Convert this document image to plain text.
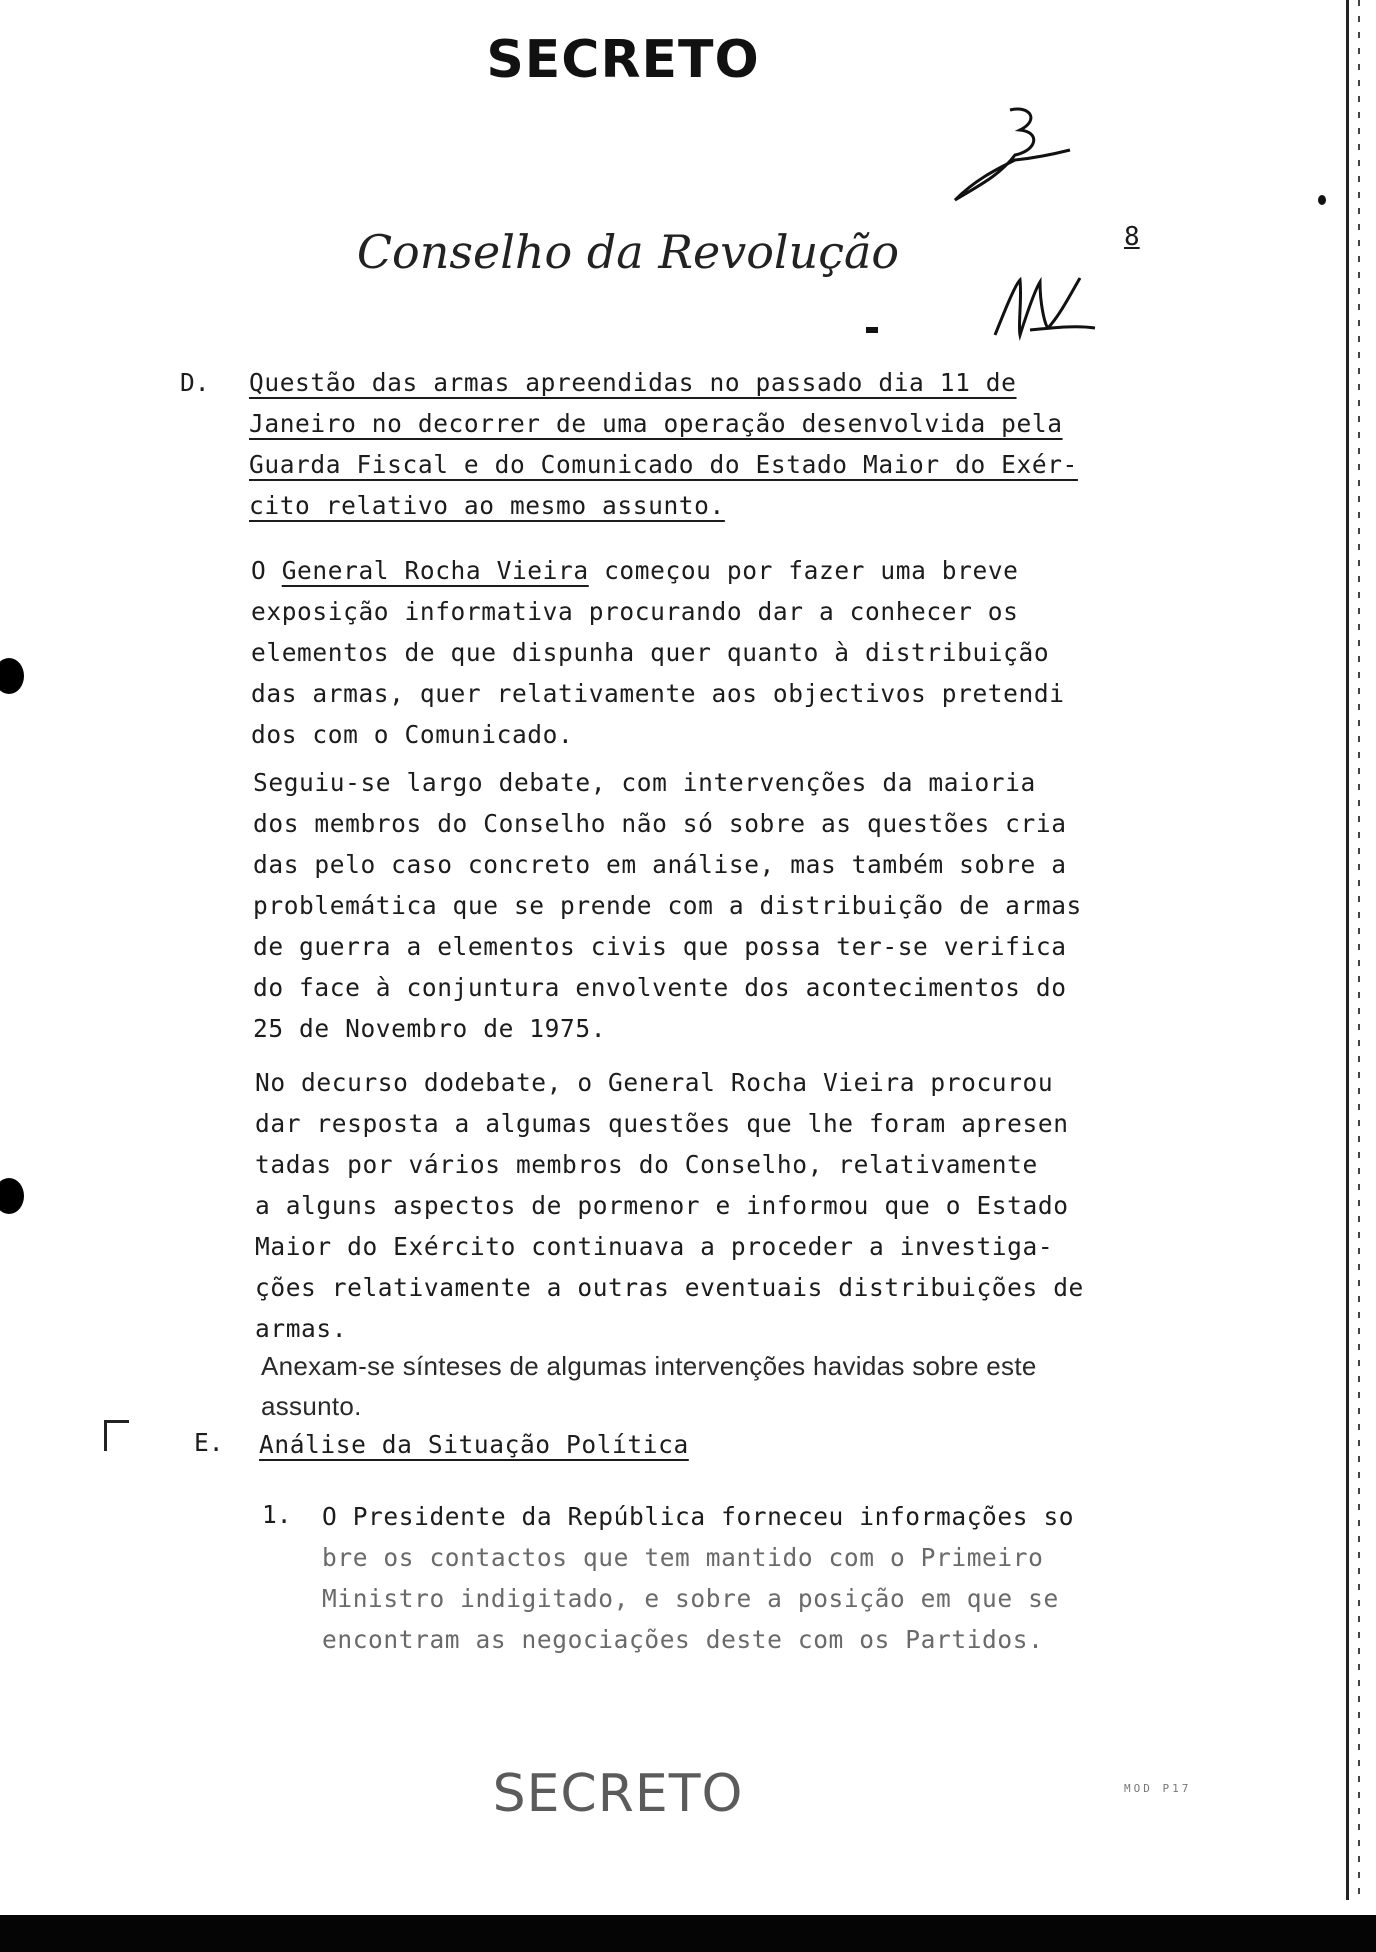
SECRETO
Conselho da Revolução	8
D. Questão das armas apreendidas no passado dia 11 de
Janeiro no decorrer de uma operação desenvolvida pela
Guarda Fiscal e do Comunicado do Estado Maior do Exér-
cito relativo ao mesmo assunto.
O General Rocha Vieira começou por fazer uma breve
exposição informativa procurando dar a conhecer os
elementos de que dispunha quer quanto à distribuição
das armas, quer relativamente aos objectivos pretendi
dos com o Comunicado.
Seguiu-se largo debate, com intervenções da maioria
dos membros do Conselho não só sobre as questões cria
das pelo caso concreto em análise, mas também sobre a
problemática que se prende com a distribuição de armas
de guerra a elementos civis que possa ter-se verifica
do face à conjuntura envolvente dos acontecimentos do
25 de Novembro de 1975.
No decurso dodebate, o General Rocha Vieira procurou
dar resposta a algumas questões que lhe foram apresen
tadas por vários membros do Conselho, relativamente
a alguns aspectos de pormenor e informou que o Estado
Maior do Exército continuava a proceder a investiga-
ções relativamente a outras eventuais distribuições de
armas.
Anexam-se sínteses de algumas intervenções havidas sobre este
assunto.
E. Análise da Situação Política
1. O Presidente da República forneceu informações so
bre os contactos que tem mantido com o Primeiro
Ministro indigitado, e sobre a posição em que se
encontram as negociações deste com os Partidos.
SECRETO	MOD P17
